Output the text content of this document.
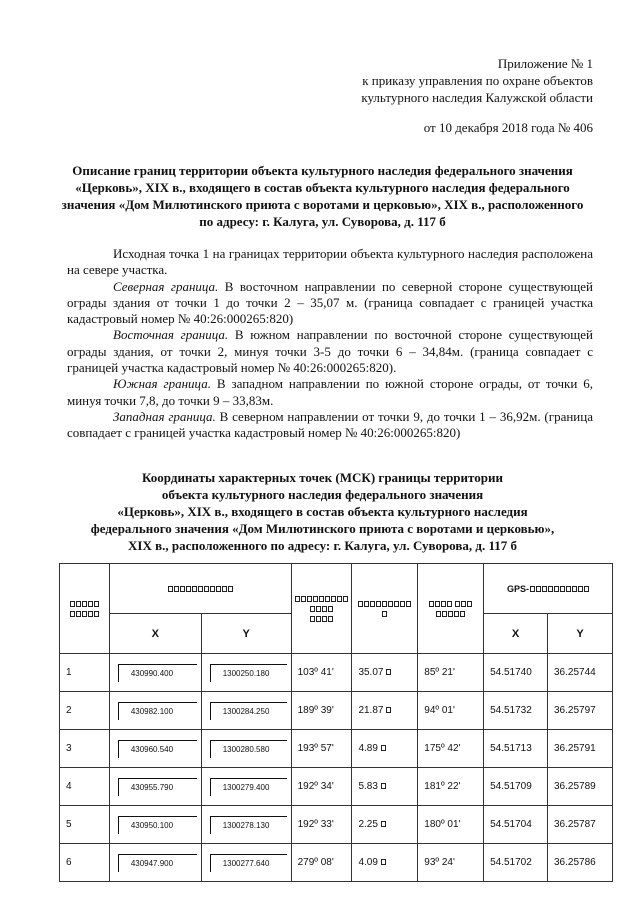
Приложение № 1
к приказу управления по охране объектов
культурного наследия Калужской области
от 10 декабря 2018 года № 406
Описание границ территории объекта культурного наследия федерального значения «Церковь», XIX в., входящего в состав объекта культурного наследия федерального значения «Дом Милютинского приюта с воротами и церковью», XIX в., расположенного по адресу: г. Калуга, ул. Суворова, д. 117 б

Исходная точка 1 на границах территории объекта культурного наследия расположена на севере участка.

Северная граница. В восточном направлении по северной стороне существующей ограды здания от точки 1 до точки 2 – 35,07 м. (граница совпадает с границей участка кадастровый номер № 40:26:000265:820)

Восточная граница. В южном направлении по восточной стороне существующей ограды здания, от точки 2, минуя точки 3-5 до точки 6 – 34,84м. (граница совпадает с границей участка кадастровый номер № 40:26:000265:820).

Южная граница. В западном направлении по южной стороне ограды, от точки 6, минуя точки 7,8, до точки 9 – 33,83м.

Западная граница. В северном направлении от точки 9, до точки 1 – 36,92м. (граница совпадает с границей участка кадастровый номер № 40:26:000265:820)

Координаты характерных точек (МСК) границы территории
объекта культурного наследия федерального значения
«Церковь», XIX в., входящего в состав объекта культурного наследия
федерального значения «Дом Милютинского приюта с воротами и церковью»,
XIX в., расположенного по адресу: г. Калуга, ул. Суворова, д. 117 б

						GPS-	

	X	Y				X	Y
1	430990.400	1300250.180	103º 41'	35.07	85º 21'	54.51740	36.25744
2	430982.100	1300284.250	189º 39'	21.87	94º 01'	54.51732	36.25797
3	430960.540	1300280.580	193º 57'	4.89	175º 42'	54.51713	36.25791
4	430955.790	1300279.400	192º 34'	5.83	181º 22'	54.51709	36.25789
5	430950.100	1300278.130	192º 33'	2.25	180º 01'	54.51704	36.25787
6	430947.900	1300277.640	279º 08'	4.09	93º 24'	54.51702	36.25786
